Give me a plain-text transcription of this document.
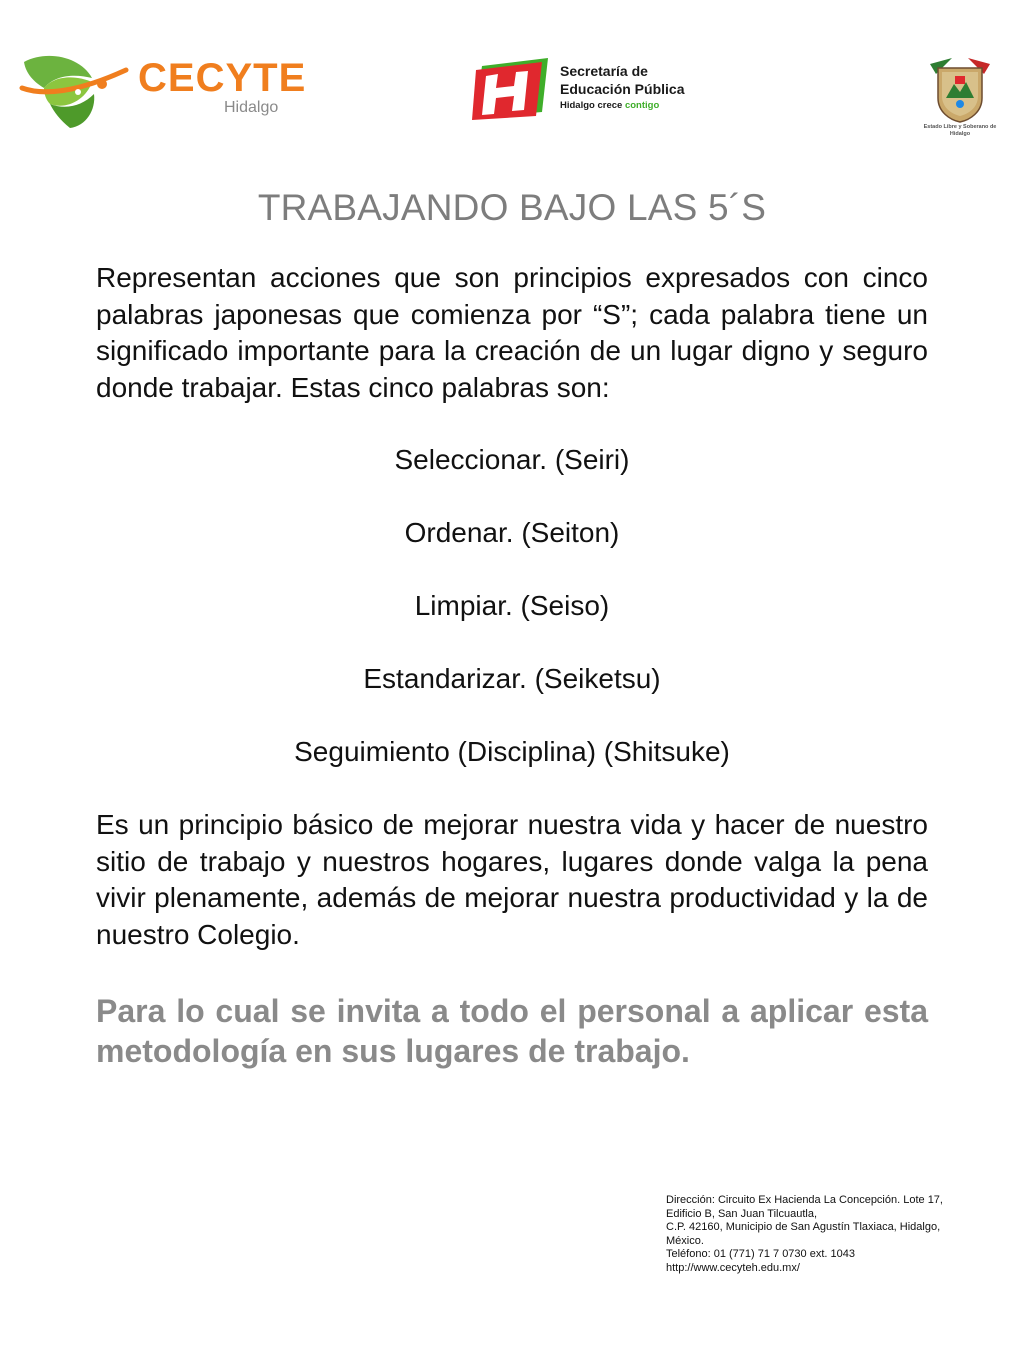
CECYTE
Hidalgo
Secretaría de
Educación Pública
Hidalgo crece contigo
Estado Libre y Soberano de Hidalgo
TRABAJANDO BAJO LAS 5´S

Representan acciones que son principios expresados con cinco palabras japonesas que comienza por “S”; cada palabra tiene un significado importante para la creación de un lugar digno y seguro donde trabajar. Estas cinco palabras son:

Seleccionar. (Seiri)
Ordenar. (Seiton)
Limpiar. (Seiso)
Estandarizar. (Seiketsu)
Seguimiento (Disciplina) (Shitsuke)

Es un principio básico de mejorar nuestra vida y hacer de nuestro sitio de trabajo y nuestros hogares, lugares donde valga la pena vivir plenamente, además de mejorar nuestra productividad y la de nuestro Colegio.

Para lo cual se invita a todo el personal a aplicar esta metodología en sus lugares de trabajo.

Dirección: Circuito Ex Hacienda La Concepción. Lote 17, Edificio B, San Juan Tilcuautla,
C.P. 42160, Municipio de San Agustín Tlaxiaca, Hidalgo, México.
Teléfono: 01 (771) 71 7 0730 ext. 1043
http://www.cecyteh.edu.mx/
